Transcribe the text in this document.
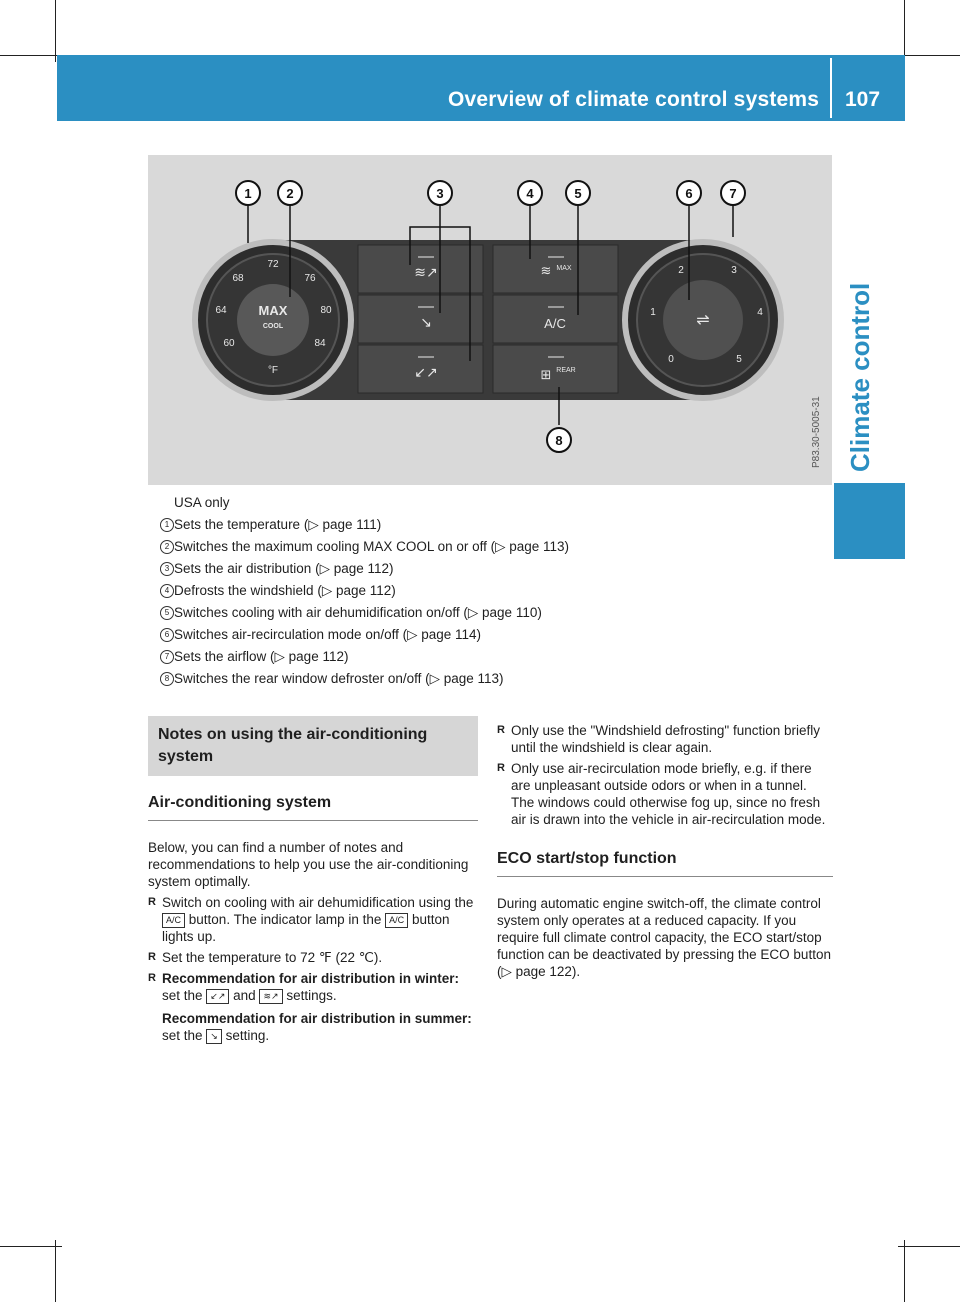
Overview of climate control systems 107
Climate control
≋↗
↘
↙↗
≋ MAX
A/C
⊞ REAR
MAX
COOL
72
68	76
64	80
60	84
°F
⇌
2	3
1	4
0	5
1	2	3	4	5	6	7
8	P83.30-5005-31
USA only
1 Sets the temperature (▷ page 111)
2 Switches the maximum cooling MAX COOL on or off (▷ page 113)
3 Sets the air distribution (▷ page 112)
4 Defrosts the windshield (▷ page 112)
5 Switches cooling with air dehumidification on/off (▷ page 110)
6 Switches air-recirculation mode on/off (▷ page 114)
7 Sets the airflow (▷ page 112)
8 Switches the rear window defroster on/off (▷ page 113)
Notes on using the air-conditioning system
Air-conditioning system
Below, you can find a number of notes and recommendations to help you use the air-conditioning system optimally.
R Switch on cooling with air dehumidification using the A/C button. The indicator lamp in the A/C button lights up.
R Set the temperature to 72 ℉ (22 ℃).
R Recommendation for air distribution in winter: set the ↙↗ and ≋↗ settings.
Recommendation for air distribution in summer: set the ↘ setting.
R Only use the "Windshield defrosting" function briefly until the windshield is clear again.
R Only use air-recirculation mode briefly, e.g. if there are unpleasant outside odors or when in a tunnel. The windows could otherwise fog up, since no fresh air is drawn into the vehicle in air-recirculation mode.
ECO start/stop function
During automatic engine switch-off, the climate control system only operates at a reduced capacity. If you require full climate control capacity, the ECO start/stop function can be deactivated by pressing the ECO button (▷ page 122).
